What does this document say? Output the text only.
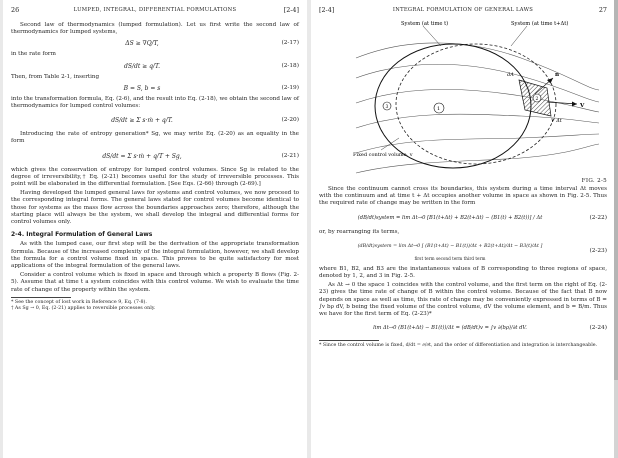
26	LUMPED, INTEGRAL, DIFFERENTIAL FORMULATIONS	[2-4]

Second law of thermodynamics (lumped formulation). Let us first write the second law of thermodynamics for lumped systems,

ΔS ≥ ∇Q/T,	(2-17)

in the rate form

dS/dt ≥ q/T.	(2-18)

Then, from Table 2-1, inserting

B = S, b = s	(2-19)

into the transformation formula, Eq. (2-6), and the result into Eq. (2-18), we obtain the second law of thermodynamics for lumped control volumes:

dS/dt ≥ Σ s·ṁ + q/T.	(2-20)

Introducing the rate of entropy generation* Sg, we may write Eq. (2-20) as an equality in the form

dS/dt = Σ s·ṁ + q/T + Sg,	(2-21)

which gives the conservation of entropy for lumped control volumes. Since Sg is related to the degree of irreversibility,† Eq. (2-21) becomes useful for the study of irreversible processes. This point will be elaborated in the differential formulation. [See Eqs. (2-66) through (2-69).]

Having developed the lumped general laws for systems and control volumes, we now proceed to the corresponding integral forms. The general laws stated for control volumes become identical to those for systems as the mass flow across the boundaries approaches zero; therefore, although the starting place will always be the system, we shall develop the integral and differential forms for control volumes only.

2-4. Integral Formulation of General Laws

As with the lumped case, our first step will be the derivation of the appropriate transformation formula. Because of the increased complexity of the integral formulation, however, we shall develop the formula for a control volume fixed in space. This proves to be quite satisfactory for most applications of the integral formulation of the general laws.

Consider a control volume which is fixed in space and through which a property B flows (Fig. 2-5). Assume that at time t a system coincides with this control volume. We wish to evaluate the time rate of change of the property within the system.

* See the concept of lost work in Reference 9, Eq. (7-8).
† As Sg → 0, Eq. (2-21) applies to reversible processes only.
[2-4]	INTEGRAL FORMULATION OF GENERAL LAWS	27
System (at time t)	System (at time t+Δt)
Fixed control volume, v
dA
V Δt
V
n
1
2
3
FIG. 2-5

Since the continuum cannot cross its boundaries, this system during a time interval Δt moves with the continuum and at time t + Δt occupies another volume in space as shown in Fig. 2-5. Thus the required rate of change may be written in the form

(dB/dt)system = lim Δt→0 [B1(t+Δt) + B2(t+Δt) − (B1(t) + B2(t))] / Δt	(2-22)

or, by rearranging its terms,

(dB/dt)system = lim Δt→0 [ (B1(t+Δt) − B1(t))/Δt + B2(t+Δt)/Δt − B3(t)/Δt ]
first term second term third term
(2-23)

where B1, B2, and B3 are the instantaneous values of B corresponding to three regions of space, denoted by 1, 2, and 3 in Fig. 2-5.

As Δt → 0 the space 1 coincides with the control volume, and the first term on the right of Eq. (2-23) gives the time rate of change of B within the control volume. Because of the fact that B now depends on space as well as time, this rate of change may be conveniently expressed in terms of B = ∫v bρ dV, b being the fixed volume of the control volume, dV the volume element, and b = B/m. Thus we have for the first term of Eq. (2-23)*

lim Δt→0 (B1(t+Δt) − B1(t))/Δt = (dB/dt)v = ∫v ∂(bρ)/∂t dV.	(2-24)
* Since the control volume is fixed, d/dt = ∂/∂t, and the order of differentiation and integration is interchangeable.
